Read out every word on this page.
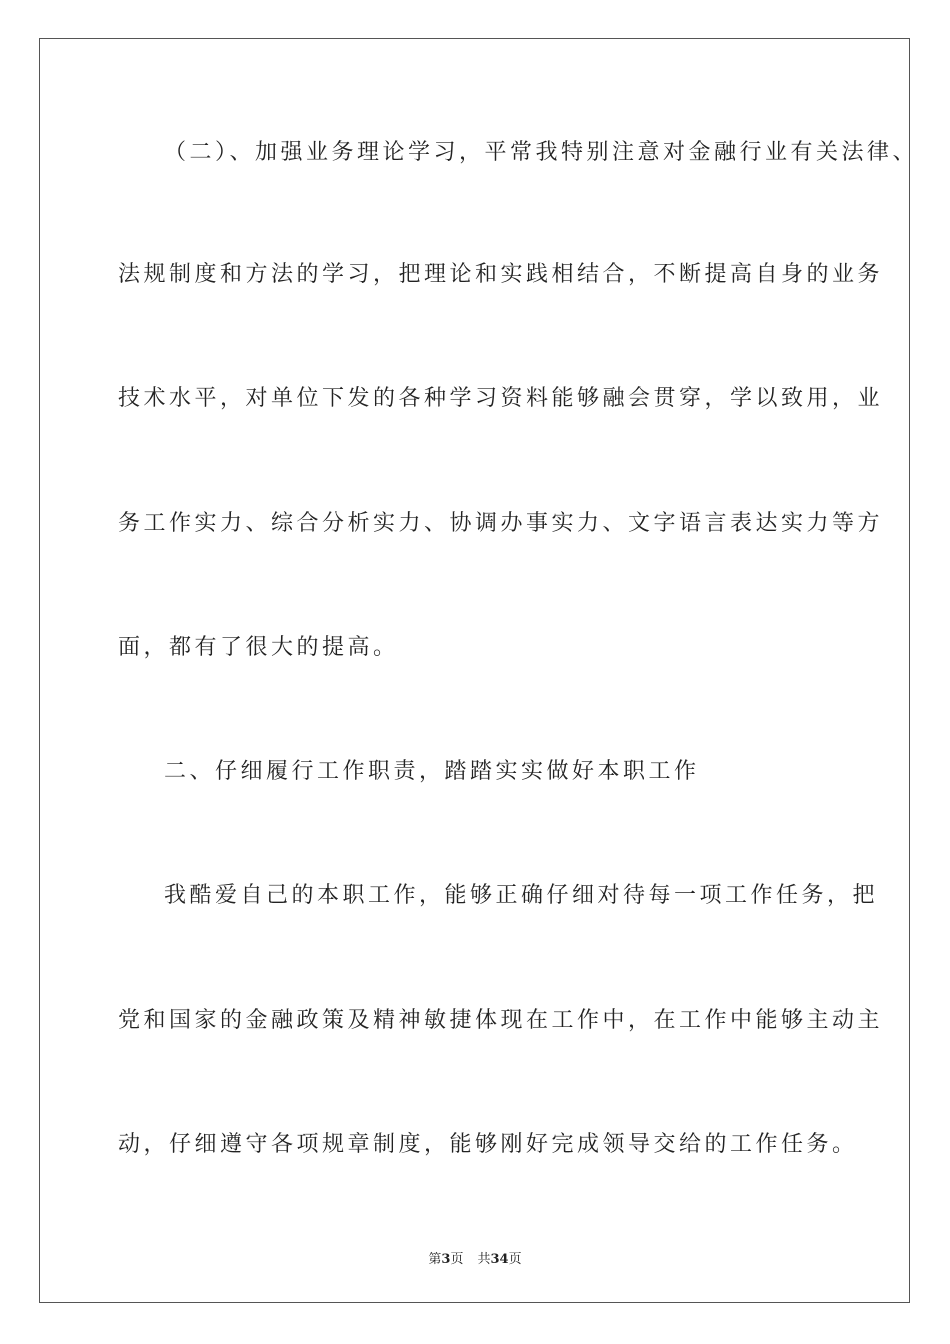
（二）、加强业务理论学习，平常我特别注意对金融行业有关法律、
法规制度和方法的学习，把理论和实践相结合，不断提高自身的业务
技术水平，对单位下发的各种学习资料能够融会贯穿，学以致用，业
务工作实力、综合分析实力、协调办事实力、文字语言表达实力等方
面，都有了很大的提高。
二、仔细履行工作职责，踏踏实实做好本职工作
我酷爱自己的本职工作，能够正确仔细对待每一项工作任务，把
党和国家的金融政策及精神敏捷体现在工作中，在工作中能够主动主
动，仔细遵守各项规章制度，能够刚好完成领导交给的工作任务。
第3页 共34页
